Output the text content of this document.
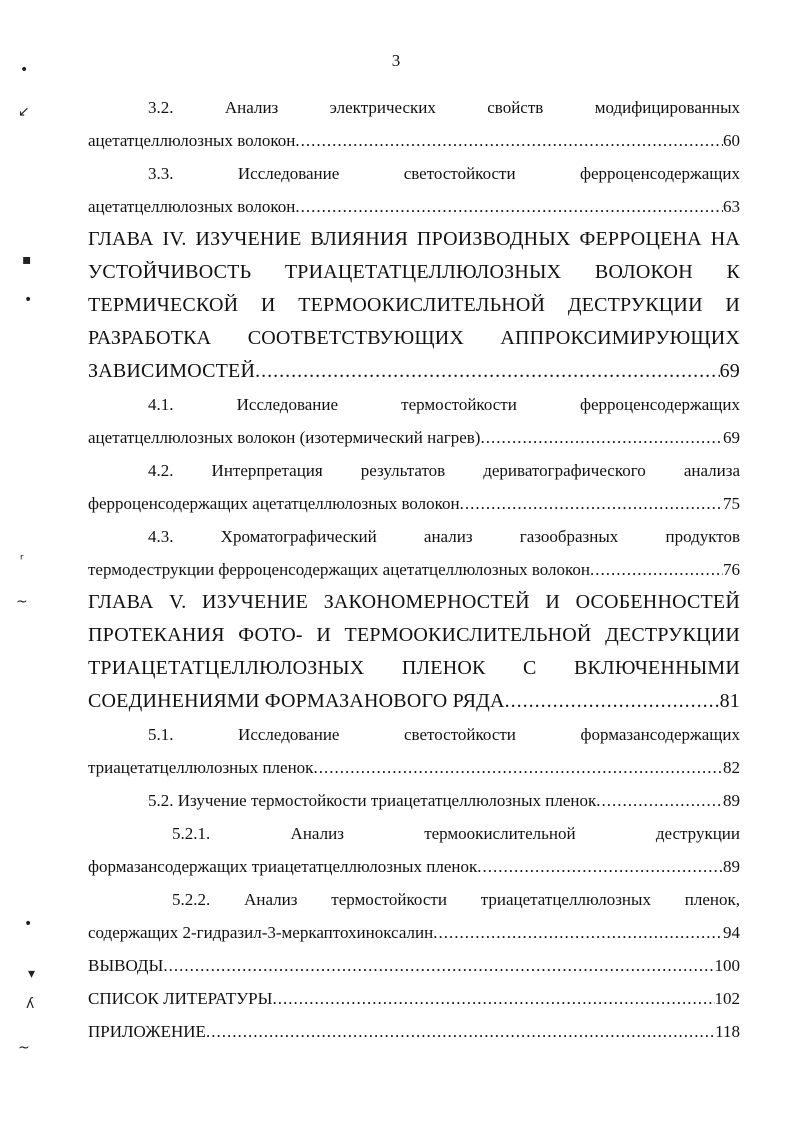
3
•
↙
▪
•
ʳ
~
•
▾
ʎ
~
3.2. Анализ электрических свойств модифицированных
ацетатцеллюлозных волокон .....	60
3.3. Исследование светостойкости ферроценсодержащих
ацетатцеллюлозных волокон .....	63
ГЛАВА IV. ИЗУЧЕНИЕ ВЛИЯНИЯ ПРОИЗВОДНЫХ ФЕРРОЦЕНА НА
УСТОЙЧИВОСТЬ ТРИАЦЕТАТЦЕЛЛЮЛОЗНЫХ ВОЛОКОН К
ТЕРМИЧЕСКОЙ И ТЕРМООКИСЛИТЕЛЬНОЙ ДЕСТРУКЦИИ И
РАЗРАБОТКА СООТВЕТСТВУЮЩИХ АППРОКСИМИРУЮЩИХ
ЗАВИСИМОСТЕЙ .....	69
4.1. Исследование термостойкости ферроценсодержащих
ацетатцеллюлозных волокон (изотермический нагрев) .....	69
4.2. Интерпретация результатов дериватографического анализа
ферроценсодержащих ацетатцеллюлозных волокон .....	75
4.3. Хроматографический анализ газообразных продуктов
термодеструкции ферроценсодержащих ацетатцеллюлозных волокон .....	76
ГЛАВА V. ИЗУЧЕНИЕ ЗАКОНОМЕРНОСТЕЙ И ОСОБЕННОСТЕЙ
ПРОТЕКАНИЯ ФОТО- И ТЕРМООКИСЛИТЕЛЬНОЙ ДЕСТРУКЦИИ
ТРИАЦЕТАТЦЕЛЛЮЛОЗНЫХ ПЛЕНОК С ВКЛЮЧЕННЫМИ
СОЕДИНЕНИЯМИ ФОРМАЗАНОВОГО РЯДА .....	81
5.1. Исследование светостойкости формазансодержащих
триацетатцеллюлозных пленок .....	82
5.2. Изучение термостойкости триацетатцеллюлозных пленок .....	89
5.2.1. Анализ термоокислительной деструкции
формазансодержащих триацетатцеллюлозных пленок .....	89
5.2.2. Анализ термостойкости триацетатцеллюлозных пленок,
содержащих 2-гидразил-3-меркаптохиноксалин .....	94
ВЫВОДЫ .....	100
СПИСОК ЛИТЕРАТУРЫ .....	102
ПРИЛОЖЕНИЕ .....	118
